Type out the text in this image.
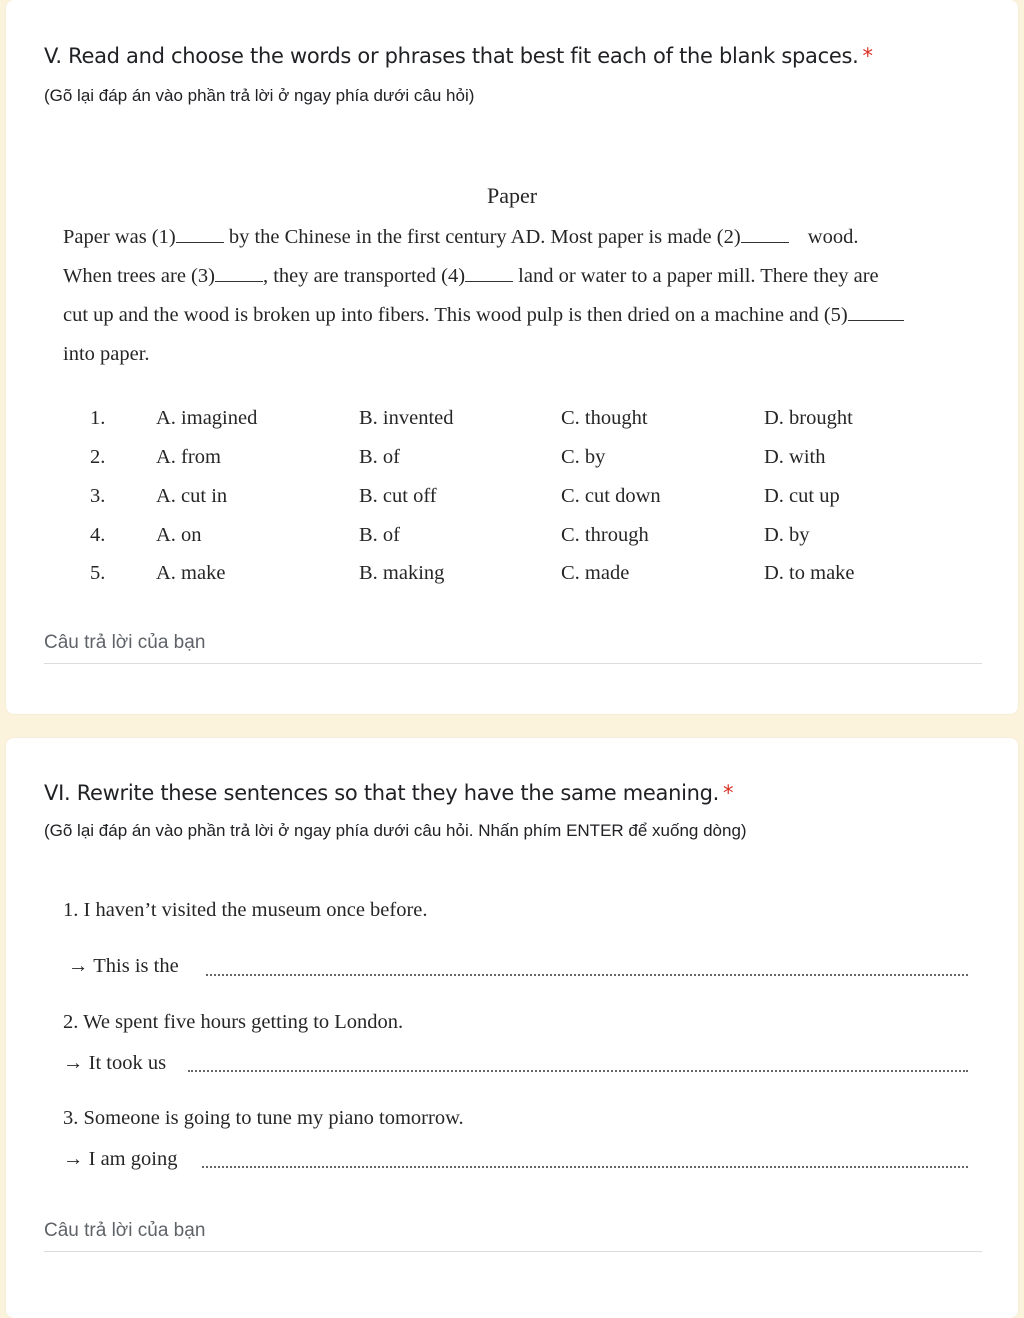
V. Read and choose the words or phrases that best fit each of the blank spaces. *
(Gõ lại đáp án vào phần trả lời ở ngay phía dưới câu hỏi)
Paper
Paper was (1) by the Chinese in the first century AD. Most paper is made (2)	wood.
When trees are (3) , they are transported (4) land or water to a paper mill. There they are
cut up and the wood is broken up into fibers. This wood pulp is then dried on a machine and (5)
into paper.
1. A. imagined	B. invented	C. thought	D. brought
2. A. from	B. of	C. by	D. with
3. A. cut in	B. cut off	C. cut down	D. cut up
4. A. on	B. of	C. through	D. by
5. A. make	B. making	C. made	D. to make
Câu trả lời của bạn
VI. Rewrite these sentences so that they have the same meaning. *
(Gõ lại đáp án vào phần trả lời ở ngay phía dưới câu hỏi. Nhấn phím ENTER để xuống dòng)
1. I haven’t visited the museum once before.
→ This is the
2. We spent five hours getting to London.
→ It took us
3. Someone is going to tune my piano tomorrow.
→ I am going
Câu trả lời của bạn
